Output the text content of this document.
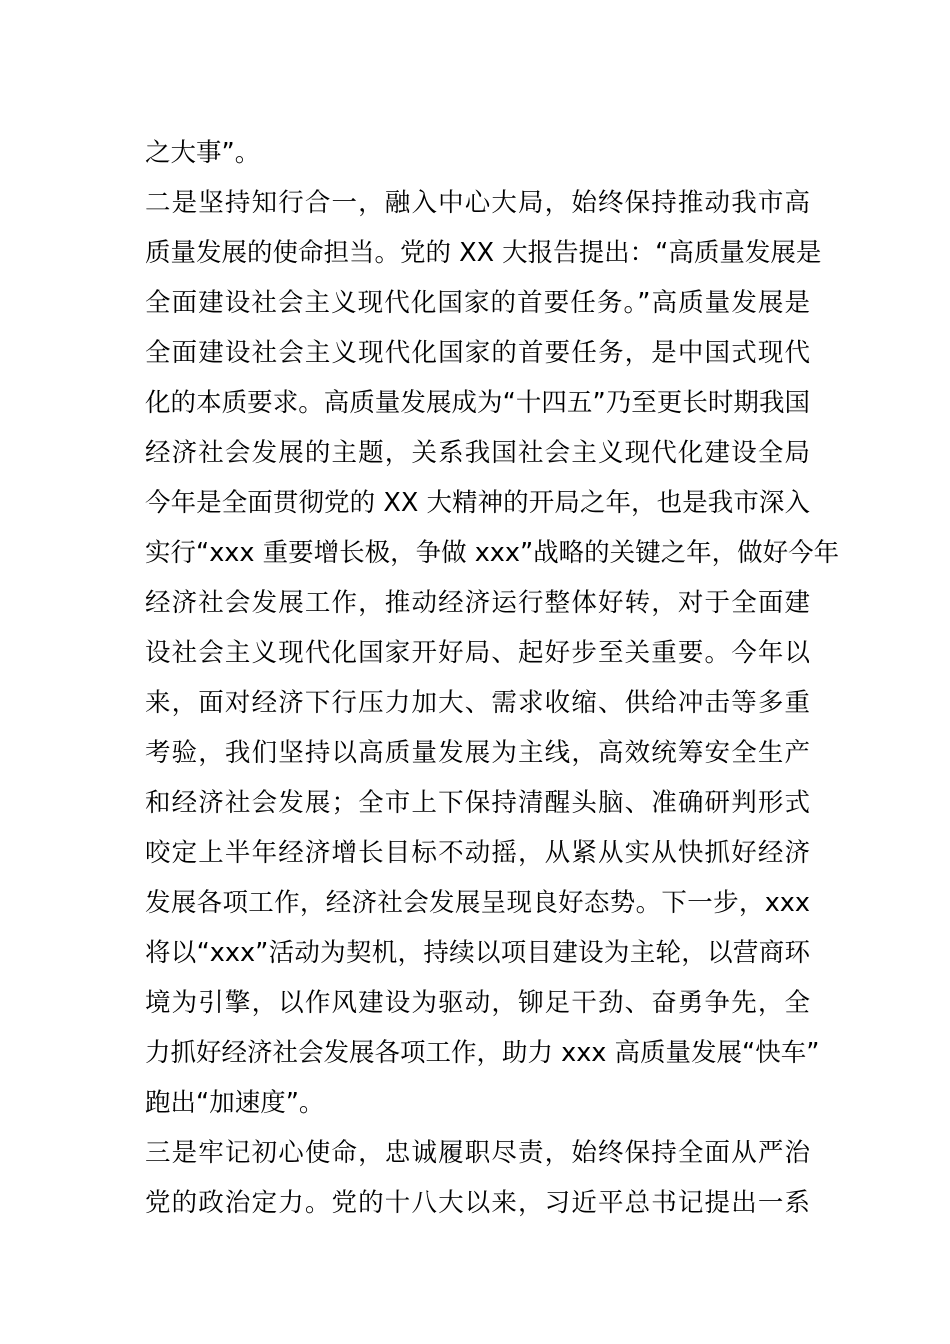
之大事”。
二是坚持知行合一，融入中心大局，始终保持推动我市高
质量发展的使命担当。党的 XX 大报告提出：“高质量发展是
全面建设社会主义现代化国家的首要任务。”高质量发展是
全面建设社会主义现代化国家的首要任务，是中国式现代
化的本质要求。高质量发展成为“十四五”乃至更长时期我国
经济社会发展的主题，关系我国社会主义现代化建设全局
今年是全面贯彻党的 XX 大精神的开局之年，也是我市深入
实行“xxx 重要增长极，争做 xxx”战略的关键之年，做好今年
经济社会发展工作，推动经济运行整体好转，对于全面建
设社会主义现代化国家开好局、起好步至关重要。今年以
来，面对经济下行压力加大、需求收缩、供给冲击等多重
考验，我们坚持以高质量发展为主线，高效统筹安全生产
和经济社会发展；全市上下保持清醒头脑、准确研判形式
咬定上半年经济增长目标不动摇，从紧从实从快抓好经济
发展各项工作，经济社会发展呈现良好态势。下一步，xxx
将以“xxx”活动为契机，持续以项目建设为主轮，以营商环
境为引擎，以作风建设为驱动，铆足干劲、奋勇争先，全
力抓好经济社会发展各项工作，助力 xxx 高质量发展“快车”
跑出“加速度”。
三是牢记初心使命，忠诚履职尽责，始终保持全面从严治
党的政治定力。党的十八大以来，习近平总书记提出一系
